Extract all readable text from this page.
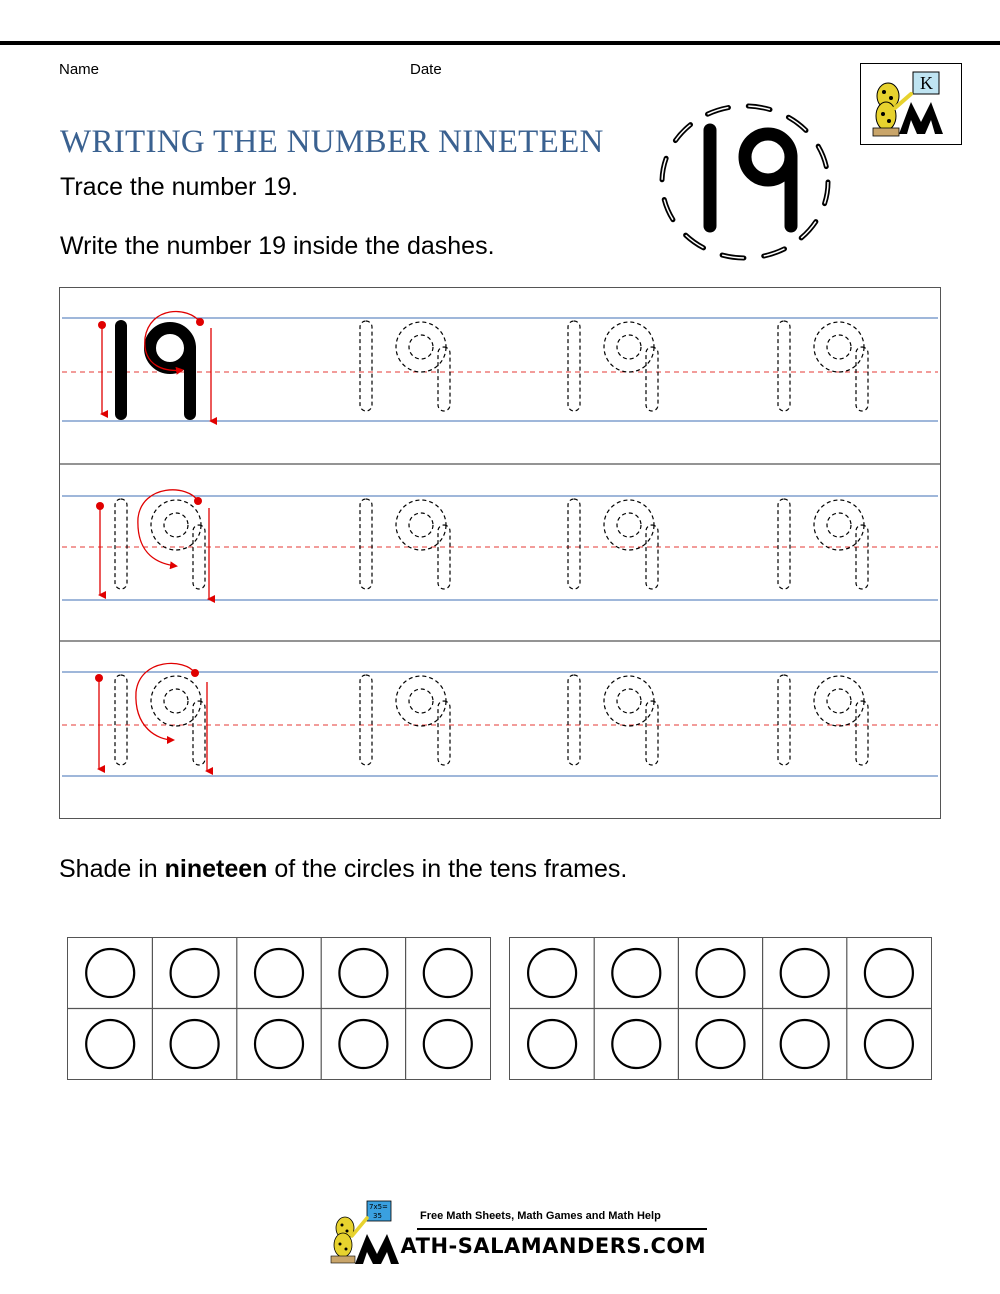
Name	Date
K
WRITING THE NUMBER NINETEEN
Trace the number 19.
Write the number 19 inside the dashes.
Shade in nineteen of the circles in the tens frames.
7x5=
35	Free Math Sheets, Math Games and Math Help
ATH-SALAMANDERS.COM
